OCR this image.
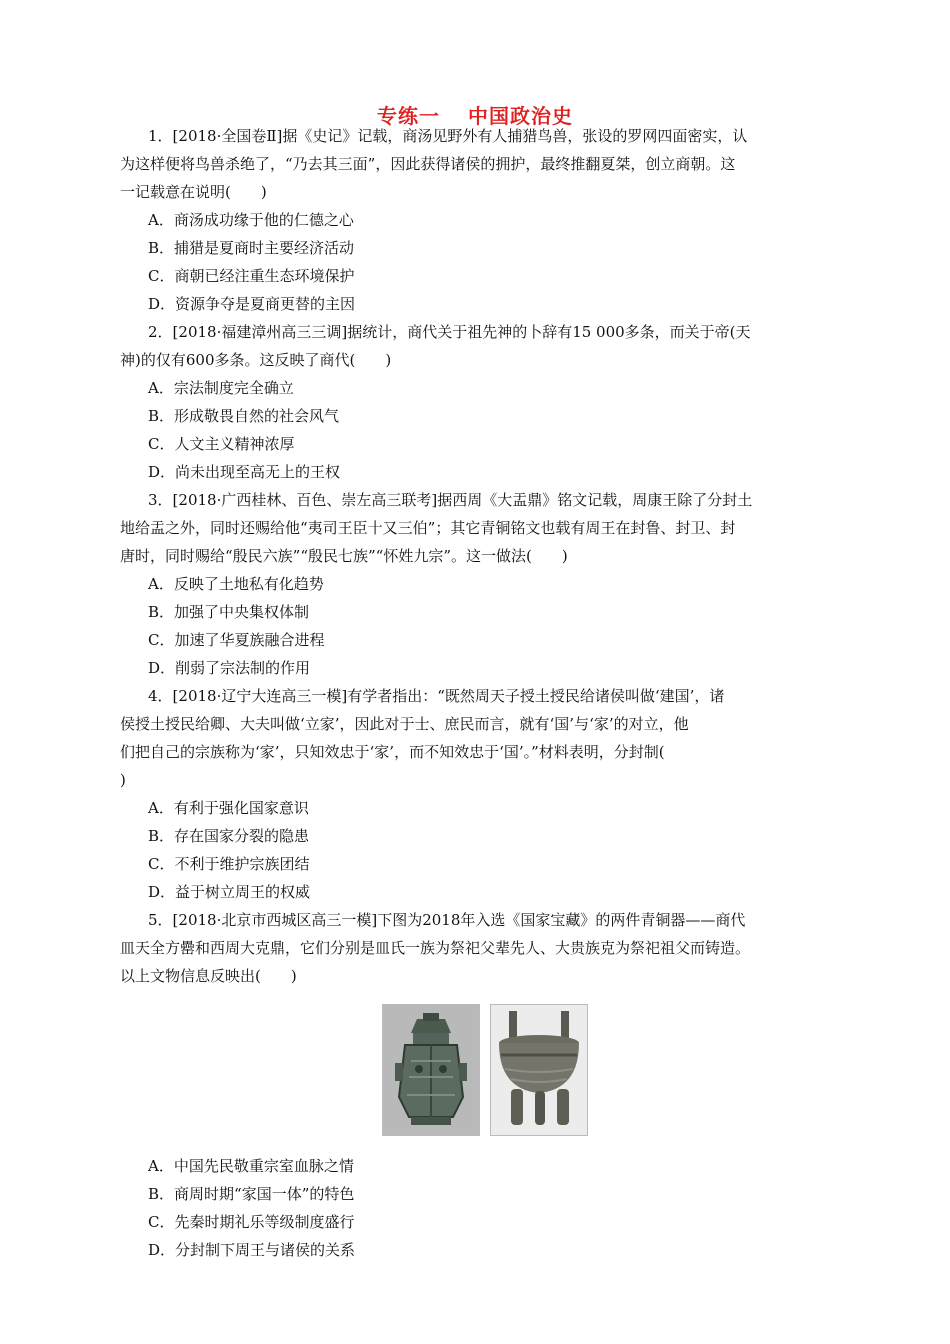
专练一 中国政治史
1．[2018·全国卷Ⅱ]据《史记》记载，商汤见野外有人捕猎鸟兽，张设的罗网四面密实，认
为这样便将鸟兽杀绝了，“乃去其三面”，因此获得诸侯的拥护，最终推翻夏桀，创立商朝。这
一记载意在说明(　　)
A．商汤成功缘于他的仁德之心
B．捕猎是夏商时主要经济活动
C．商朝已经注重生态环境保护
D．资源争夺是夏商更替的主因
2．[2018·福建漳州高三三调]据统计，商代关于祖先神的卜辞有15 000多条，而关于帝(天
神)的仅有600多条。这反映了商代(　　)
A．宗法制度完全确立
B．形成敬畏自然的社会风气
C．人文主义精神浓厚
D．尚未出现至高无上的王权
3．[2018·广西桂林、百色、崇左高三联考]据西周《大盂鼎》铭文记载，周康王除了分封土
地给盂之外，同时还赐给他“夷司王臣十又三伯”；其它青铜铭文也载有周王在封鲁、封卫、封
唐时，同时赐给“殷民六族”“殷民七族”“怀姓九宗”。这一做法(　　)
A．反映了土地私有化趋势
B．加强了中央集权体制
C．加速了华夏族融合进程
D．削弱了宗法制的作用
4．[2018·辽宁大连高三一模]有学者指出：“既然周天子授土授民给诸侯叫做‘建国’，诸
侯授土授民给卿、大夫叫做‘立家’，因此对于士、庶民而言，就有‘国’与‘家’的对立，他
们把自己的宗族称为‘家’，只知效忠于‘家’，而不知效忠于‘国’。”材料表明，分封制(
)
A．有利于强化国家意识
B．存在国家分裂的隐患
C．不利于维护宗族团结
D．益于树立周王的权威
5．[2018·北京市西城区高三一模]下图为2018年入选《国家宝藏》的两件青铜器——商代
皿天全方罍和西周大克鼎，它们分别是皿氏一族为祭祀父辈先人、大贵族克为祭祀祖父而铸造。
以上文物信息反映出(　　)
A．中国先民敬重宗室血脉之情
B．商周时期“家国一体”的特色
C．先秦时期礼乐等级制度盛行
D．分封制下周王与诸侯的关系
